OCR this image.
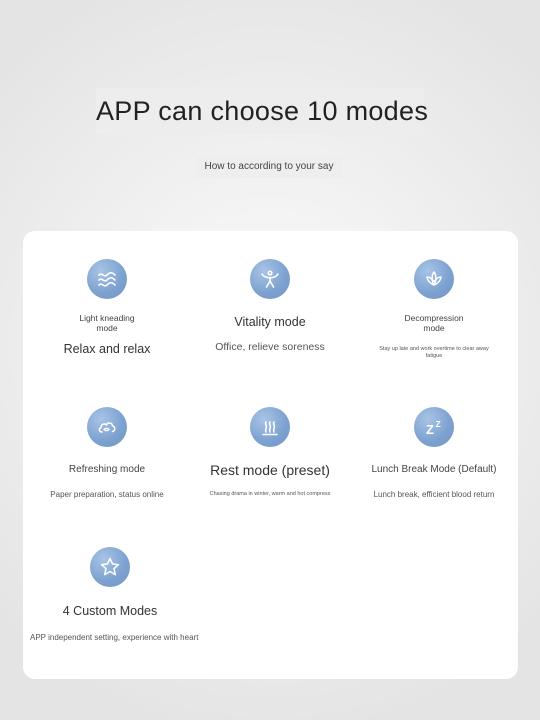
APP can choose 10 modes
How to according to your say
Light kneading mode
Relax and relax
Vitality mode
Office, relieve soreness
Decompression mode
Stay up late and work overtime to clear away fatigue
Refreshing mode
Paper preparation, status online
Rest mode (preset)
Chasing drama in winter, warm and hot compress
Z Z
Lunch Break Mode (Default)
Lunch break, efficient blood return
4 Custom Modes
APP independent setting, experience with heart
